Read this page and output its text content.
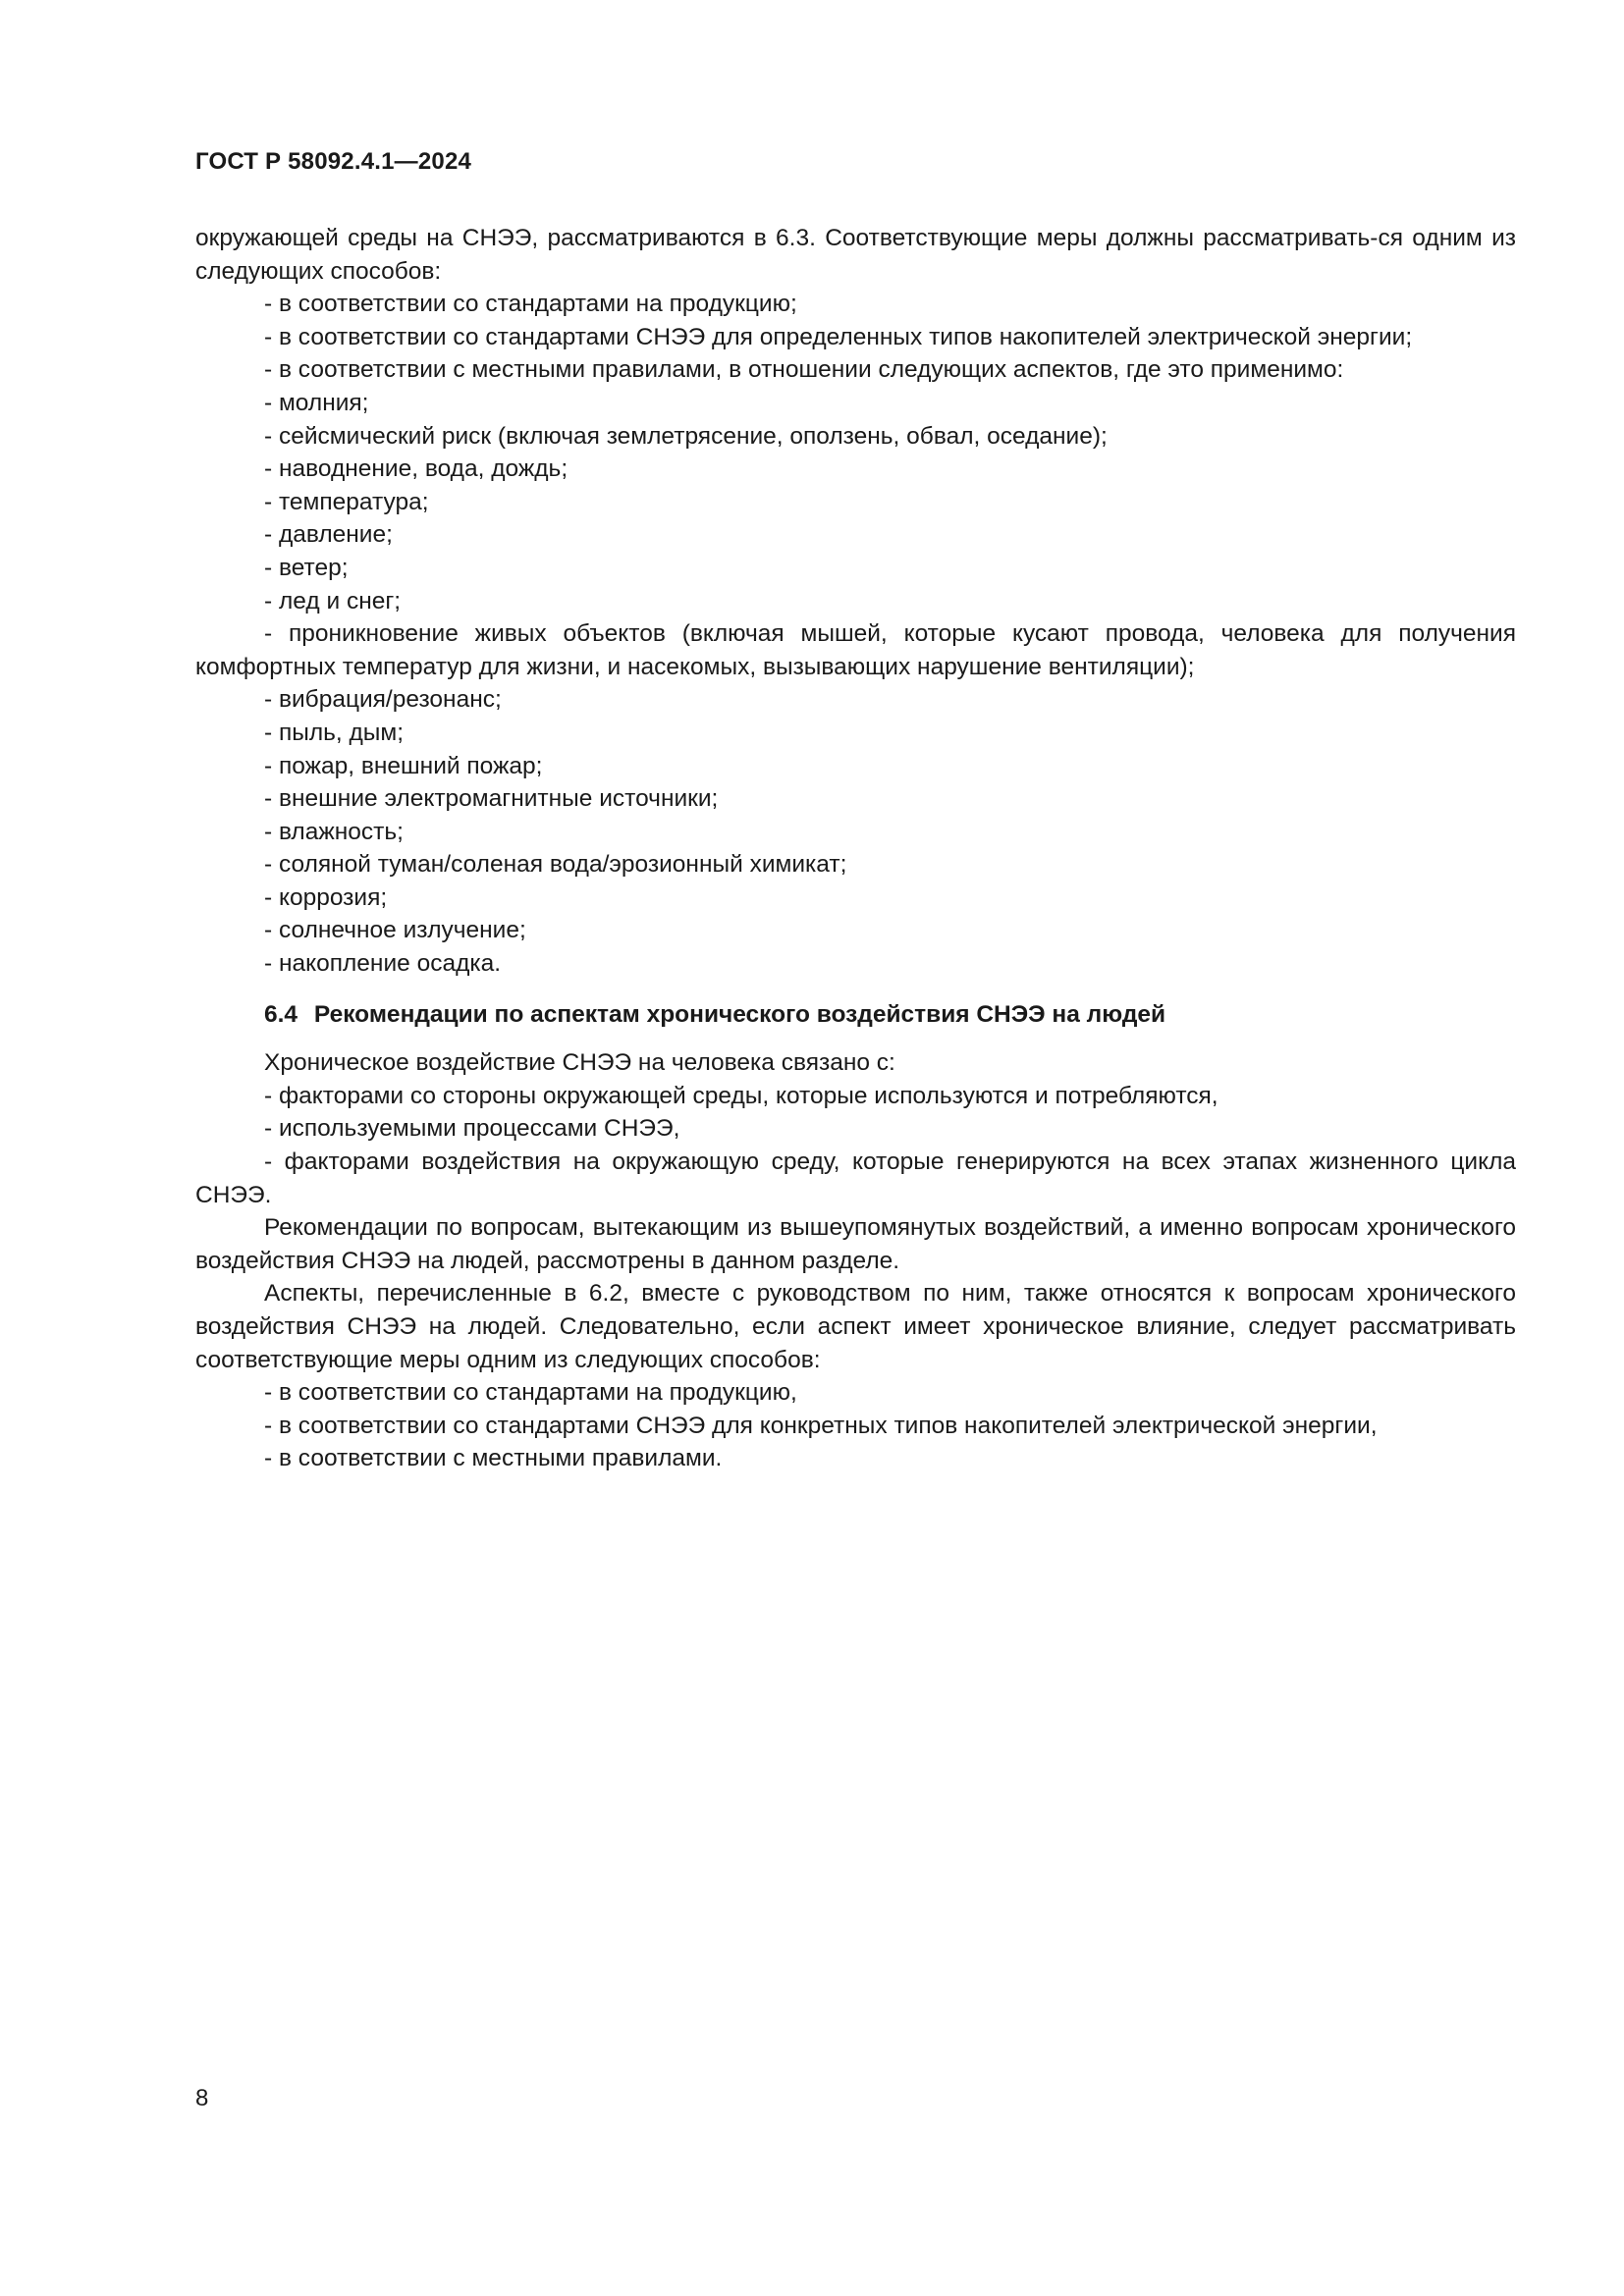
ГОСТ Р 58092.4.1—2024

окружающей среды на СНЭЭ, рассматриваются в 6.3. Соответствующие меры должны рассматривать-ся одним из следующих способов:

- в соответствии со стандартами на продукцию;

- в соответствии со стандартами СНЭЭ для определенных типов накопителей электрической энергии;

- в соответствии с местными правилами, в отношении следующих аспектов, где это применимо:

- молния;

- сейсмический риск (включая землетрясение, оползень, обвал, оседание);

- наводнение, вода, дождь;

- температура;

- давление;

- ветер;

- лед и снег;

- проникновение живых объектов (включая мышей, которые кусают провода, человека для получения комфортных температур для жизни, и насекомых, вызывающих нарушение вентиляции);

- вибрация/резонанс;

- пыль, дым;

- пожар, внешний пожар;

- внешние электромагнитные источники;

- влажность;

- соляной туман/соленая вода/эрозионный химикат;

- коррозия;

- солнечное излучение;

- накопление осадка.

6.4 Рекомендации по аспектам хронического воздействия СНЭЭ на людей

Хроническое воздействие СНЭЭ на человека связано с:

- факторами со стороны окружающей среды, которые используются и потребляются,

- используемыми процессами СНЭЭ,

- факторами воздействия на окружающую среду, которые генерируются на всех этапах жизненного цикла СНЭЭ.

Рекомендации по вопросам, вытекающим из вышеупомянутых воздействий, а именно вопросам хронического воздействия СНЭЭ на людей, рассмотрены в данном разделе.

Аспекты, перечисленные в 6.2, вместе с руководством по ним, также относятся к вопросам хронического воздействия СНЭЭ на людей. Следовательно, если аспект имеет хроническое влияние, следует рассматривать соответствующие меры одним из следующих способов:

- в соответствии со стандартами на продукцию,

- в соответствии со стандартами СНЭЭ для конкретных типов накопителей электрической энергии,

- в соответствии с местными правилами.

8
